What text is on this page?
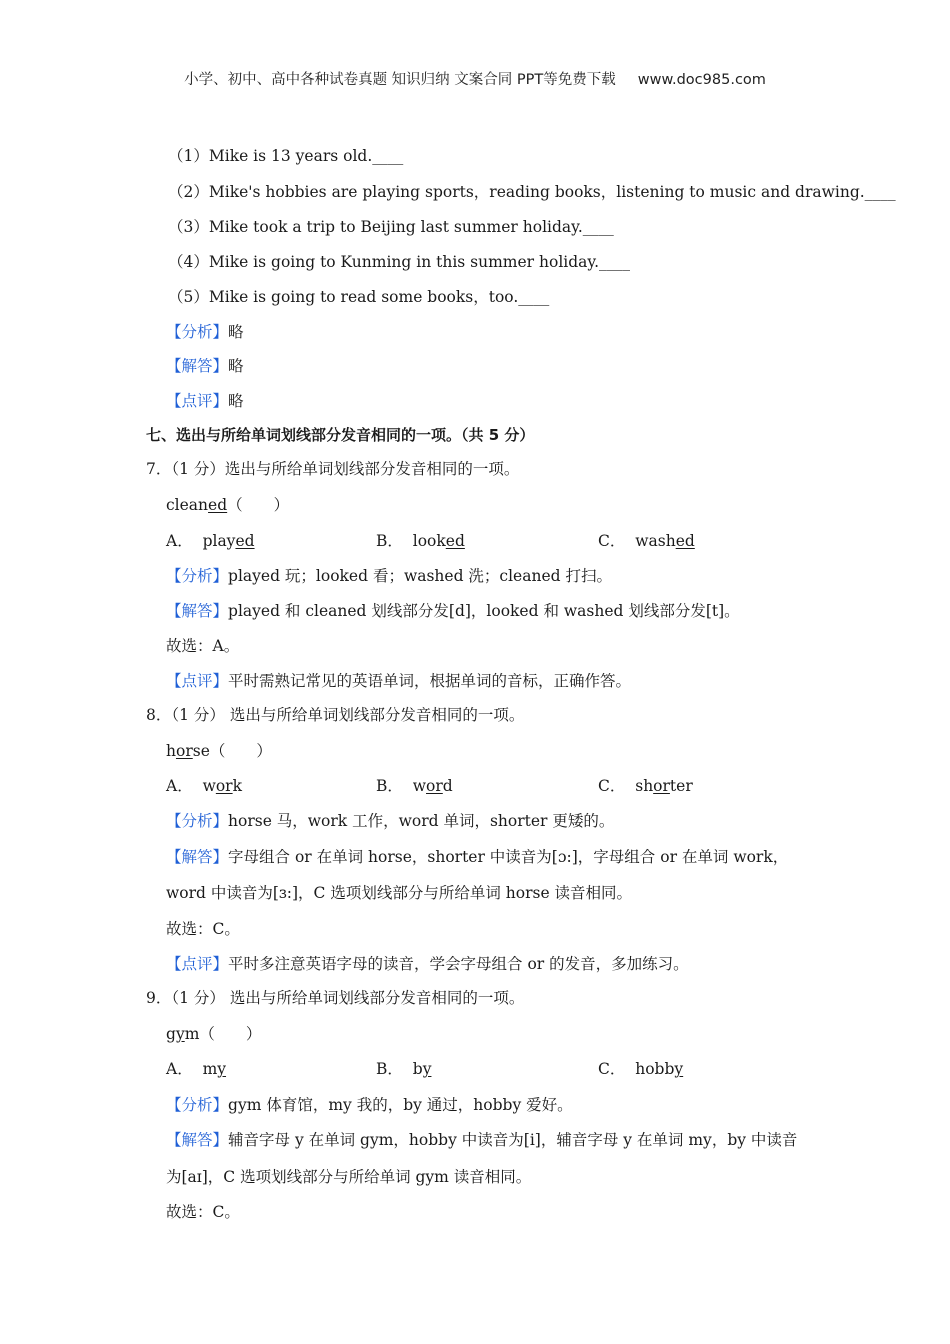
小学、初中、高中各种试卷真题 知识归纳 文案合同 PPT等免费下载 www.doc985.com
（1）Mike is 13 years old.____
（2）Mike's hobbies are playing sports，reading books，listening to music and drawing.____
（3）Mike took a trip to Beijing last summer holiday.____
（4）Mike is going to Kunming in this summer holiday.____
（5）Mike is going to read some books，too.____
【分析】略
【解答】略
【点评】略
七、选出与所给单词划线部分发音相同的一项。（共 5 分）
7．（1 分）选出与所给单词划线部分发音相同的一项。
cleaned（　　）
A． played	B． looked	C． washed
【分析】played 玩；looked 看；washed 洗；cleaned 打扫。
【解答】played 和 cleaned 划线部分发[d]，looked 和 washed 划线部分发[t]。
故选：A。
【点评】平时需熟记常见的英语单词，根据单词的音标，正确作答。
8．（1 分） 选出与所给单词划线部分发音相同的一项。
horse（　　）
A． work	B． word	C． shorter
【分析】horse 马，work 工作，word 单词，shorter 更矮的。
【解答】字母组合 or 在单词 horse，shorter 中读音为[ɔ:]，字母组合 or 在单词 work，
word 中读音为[ɜ:]，C 选项划线部分与所给单词 horse 读音相同。
故选：C。
【点评】平时多注意英语字母的读音，学会字母组合 or 的发音，多加练习。
9．（1 分） 选出与所给单词划线部分发音相同的一项。
gym（　　）
A． my	B． by	C． hobby
【分析】gym 体育馆，my 我的，by 通过，hobby 爱好。
【解答】辅音字母 y 在单词 gym，hobby 中读音为[i]，辅音字母 y 在单词 my，by 中读音
为[aɪ]，C 选项划线部分与所给单词 gym 读音相同。
故选：C。
